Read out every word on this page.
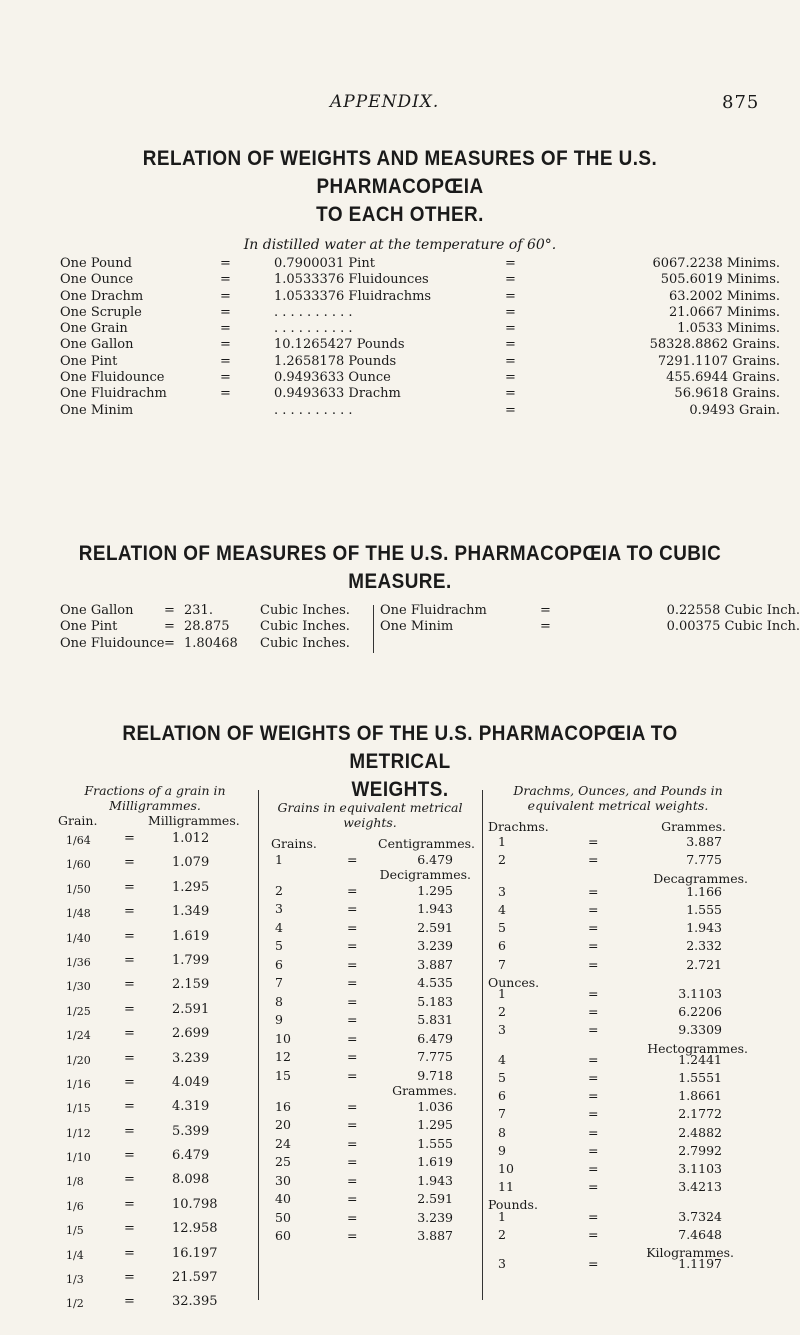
APPENDIX.	875
RELATION OF WEIGHTS AND MEASURES OF THE U.S. PHARMACOPŒIA
TO EACH OTHER.
In distilled water at the temperature of 60°.
One Pound	=	0.7900031 Pint	=	6067.2238 Minims.
One Ounce	=	1.0533376 Fluidounces	=	505.6019 Minims.
One Drachm	=	1.0533376 Fluidrachms	=	63.2002 Minims.
One Scruple	=	. . . . . . . . . .	=	21.0667 Minims.
One Grain	=	. . . . . . . . . .	=	1.0533 Minims.
One Gallon	=	10.1265427 Pounds	=	58328.8862 Grains.
One Pint	=	1.2658178 Pounds	=	7291.1107 Grains.
One Fluidounce	=	0.9493633 Ounce	=	455.6944 Grains.
One Fluidrachm	=	0.9493633 Drachm	=	56.9618 Grains.
One Minim	. . . . . . . . . .	=	0.9493 Grain.
RELATION OF MEASURES OF THE U.S. PHARMACOPŒIA TO CUBIC
MEASURE.
One Gallon = 231.	Cubic Inches.
One Pint	= 28.875 Cubic Inches.
One Fluidounce = 1.80468 Cubic Inches.
One Fluidrachm	=	0.22558 Cubic Inch.
One Minim	=	0.00375 Cubic Inch.
RELATION OF WEIGHTS OF THE U.S. PHARMACOPŒIA TO METRICAL
WEIGHTS.
Fractions of a grain in
Milligrammes.
Grain.	Milligrammes.
1/64	=	1.012
1/60	=	1.079
1/50	=	1.295
1/48	=	1.349
1/40	=	1.619
1/36	=	1.799
1/30	=	2.159
1/25	=	2.591
1/24	=	2.699
1/20	=	3.239
1/16	=	4.049
1/15	=	4.319
1/12	=	5.399
1/10	=	6.479
1/8	=	8.098
1/6	=	10.798
1/5	=	12.958
1/4	=	16.197
1/3	=	21.597
1/2	=	32.395
Grains in equivalent metrical
weights.
Grains.	Centigrammes.
1	=	6.479
Decigrammes.
2	=	1.295
3	=	1.943
4	=	2.591
5	=	3.239
6	=	3.887
7	=	4.535
8	=	5.183
9	=	5.831
10	=	6.479
12	=	7.775
15	=	9.718
Grammes.
16	=	1.036
20	=	1.295
24	=	1.555
25	=	1.619
30	=	1.943
40	=	2.591
50	=	3.239
60	=	3.887
Drachms, Ounces, and Pounds in
equivalent metrical weights.
Drachms.	Grammes.
1	=	3.887
2	=	7.775
Decagrammes.
3	=	1.166
4	=	1.555
5	=	1.943
6	=	2.332
7	=	2.721
Ounces.
1	=	3.1103
2	=	6.2206
3	=	9.3309
Hectogrammes.
4	=	1.2441
5	=	1.5551
6	=	1.8661
7	=	2.1772
8	=	2.4882
9	=	2.7992
10	=	3.1103
11	=	3.4213
Pounds.
1	=	3.7324
2	=	7.4648
Kilogrammes.
3	=	1.1197
